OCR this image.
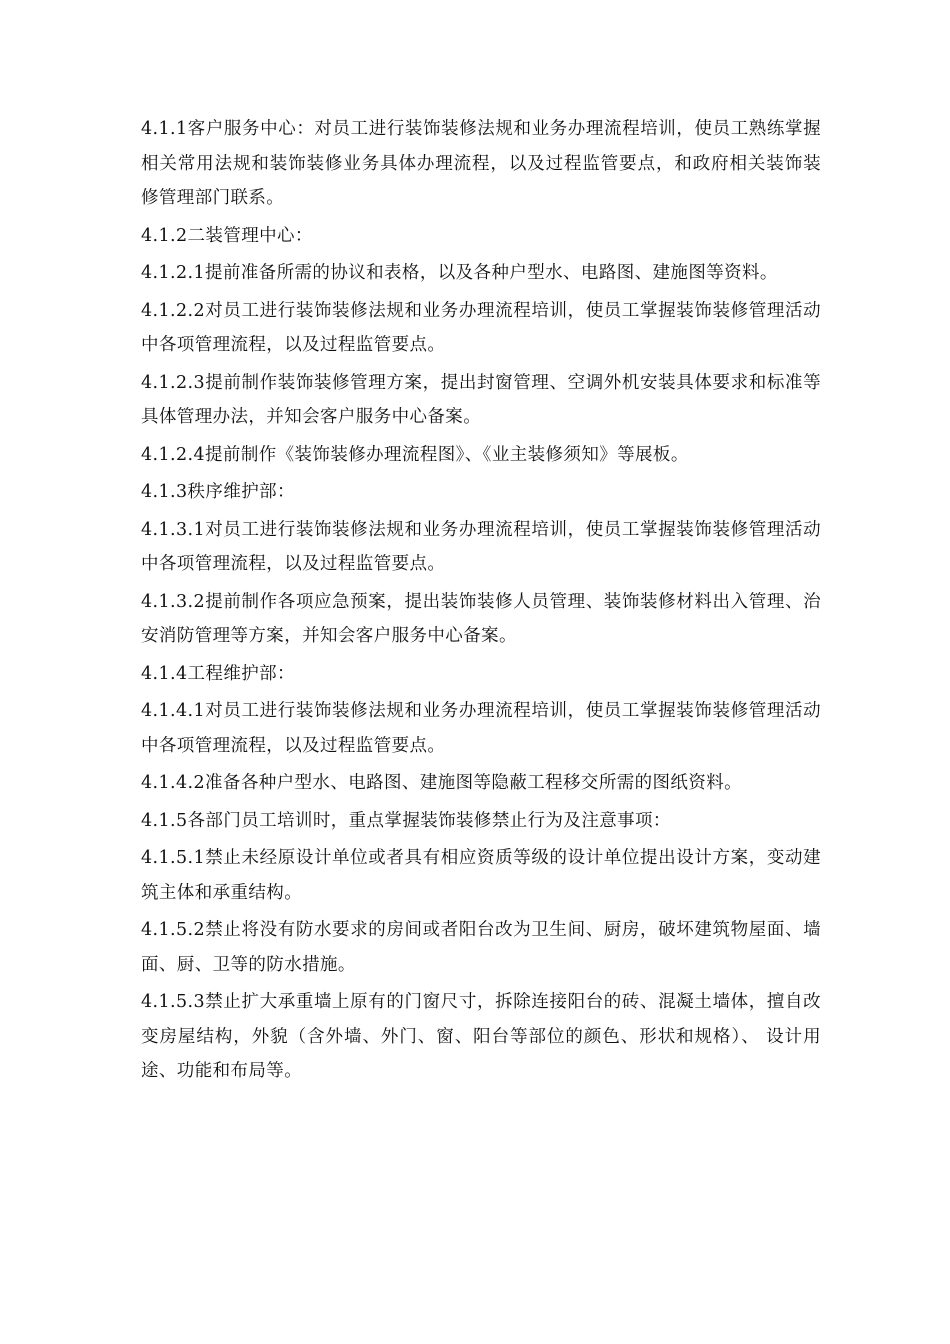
4.1.1客户服务中心：对员工进行装饰装修法规和业务办理流程培训，使员工熟练掌握相关常用法规和装饰装修业务具体办理流程，以及过程监管要点，和政府相关装饰装修管理部门联系。

4.1.2二装管理中心：

4.1.2.1提前准备所需的协议和表格，以及各种户型水、电路图、建施图等资料。

4.1.2.2对员工进行装饰装修法规和业务办理流程培训，使员工掌握装饰装修管理活动中各项管理流程，以及过程监管要点。

4.1.2.3提前制作装饰装修管理方案，提出封窗管理、空调外机安装具体要求和标准等具体管理办法，并知会客户服务中心备案。

4.1.2.4提前制作《装饰装修办理流程图》、《业主装修须知》等展板。

4.1.3秩序维护部：

4.1.3.1对员工进行装饰装修法规和业务办理流程培训，使员工掌握装饰装修管理活动中各项管理流程，以及过程监管要点。

4.1.3.2提前制作各项应急预案，提出装饰装修人员管理、装饰装修材料出入管理、治安消防管理等方案，并知会客户服务中心备案。

4.1.4工程维护部：

4.1.4.1对员工进行装饰装修法规和业务办理流程培训，使员工掌握装饰装修管理活动中各项管理流程，以及过程监管要点。

4.1.4.2准备各种户型水、电路图、建施图等隐蔽工程移交所需的图纸资料。

4.1.5各部门员工培训时，重点掌握装饰装修禁止行为及注意事项：

4.1.5.1禁止未经原设计单位或者具有相应资质等级的设计单位提出设计方案，变动建筑主体和承重结构。

4.1.5.2禁止将没有防水要求的房间或者阳台改为卫生间、厨房，破坏建筑物屋面、墙面、厨、卫等的防水措施。

4.1.5.3禁止扩大承重墙上原有的门窗尺寸，拆除连接阳台的砖、混凝土墙体，擅自改变房屋结构，外貌（含外墙、外门、窗、阳台等部位的颜色、形状和规格）、 设计用途、功能和布局等。
